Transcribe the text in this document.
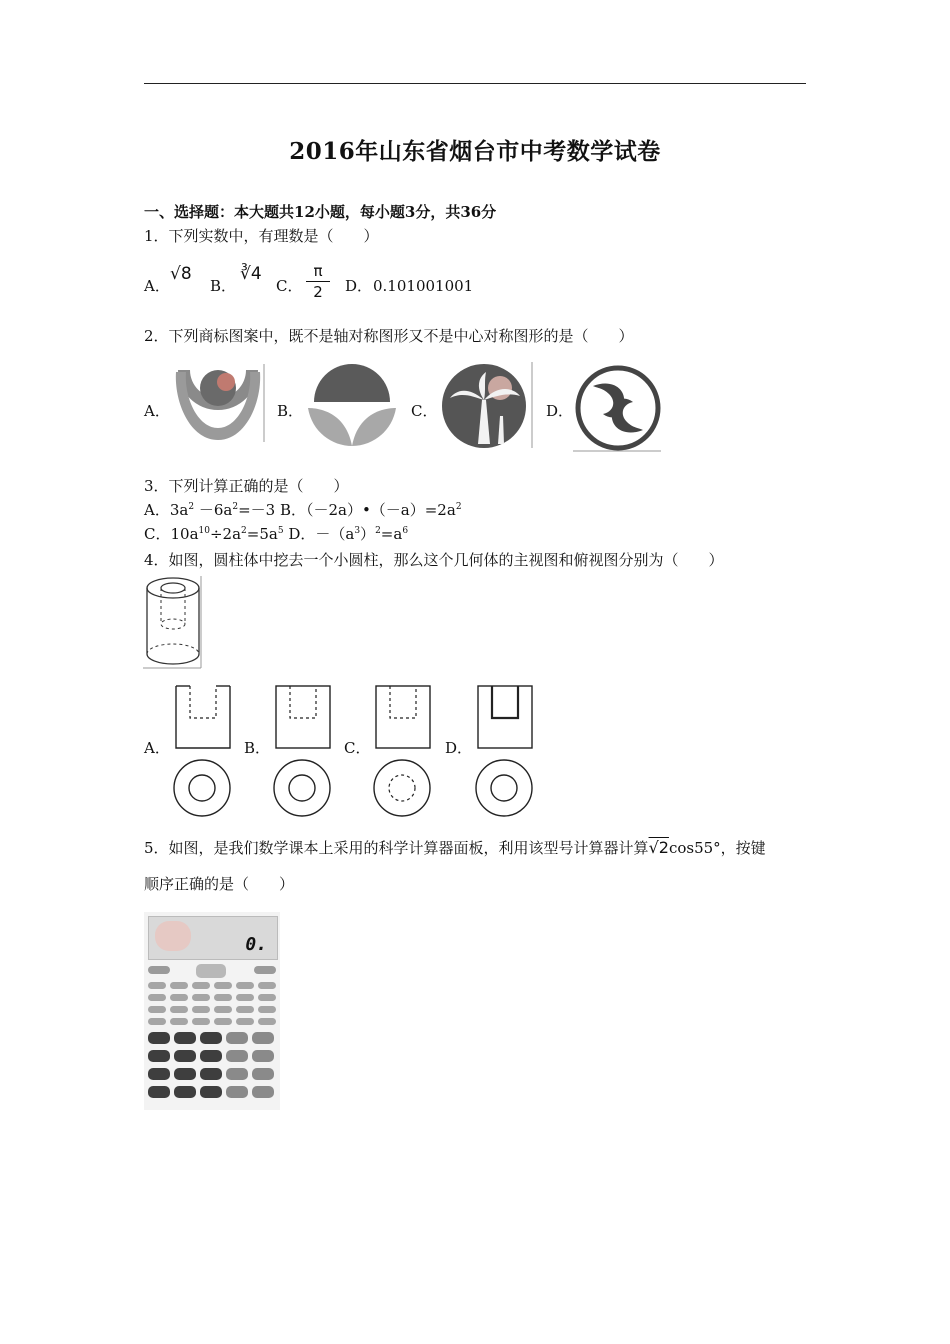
2016年山东省烟台市中考数学试卷
一、选择题：本大题共12小题，每小题3分，共36分
1．下列实数中，有理数是（　　）
A．
√8
B．
∛4
C．
π
2	D． 0.101001001
2．下列商标图案中，既不是轴对称图形又不是中心对称图形的是（　　）
A．	B．	C．	D．
3．下列计算正确的是（　　）
A．$3a^2 -6a^2=-3$ B．$(-2a)•(-a)=2a^2$
C．$10a^{10}\div 2a^2=5a^5$ D．$-(a^3)^2=a^6$
4．如图，圆柱体中挖去一个小圆柱，那么这个几何体的主视图和俯视图分别为（　　）
A．	B．	C．	D．
5．如图，是我们数学课本上采用的科学计算器面板，利用该型号计算器计算√2cos55°，按键
顺序正确的是（　　）
0.
